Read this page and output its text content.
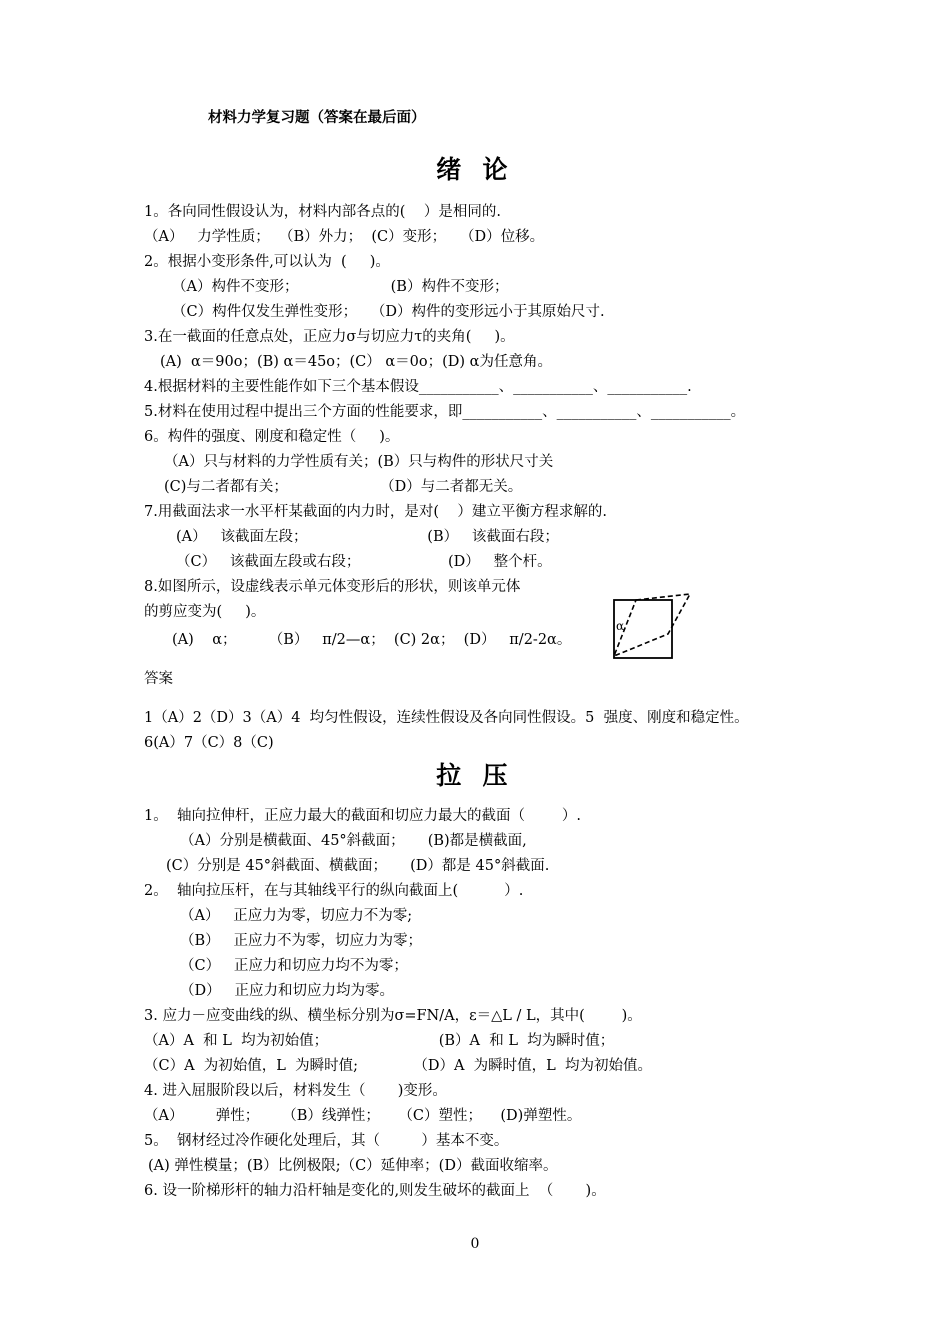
材料力学复习题（答案在最后面）
绪 论
1。各向同性假设认为，材料内部各点的(    ）是相同的.
（A）   力学性质；  （B）外力；  (C）变形；   （D）位移。
2。根据小变形条件,可以认为  (     )。
（A）构件不变形；                    (B）构件不变形；
（C）构件仅发生弹性变形；   （D）构件的变形远小于其原始尺寸.
3.在一截面的任意点处，正应力σ与切应力τ的夹角(     )。
(A)  α＝90o；(B) α＝45o；(C） α＝0o；(D) α为任意角。
4.根据材料的主要性能作如下三个基本假设___________、___________、___________.
5.材料在使用过程中提出三个方面的性能要求，即___________、___________、___________。
6。构件的强度、刚度和稳定性（     )。
（A）只与材料的力学性质有关；(B）只与构件的形状尺寸关
(C)与二者都有关；                    （D）与二者都无关。
7.用截面法求一水平杆某截面的内力时，是对(    ）建立平衡方程求解的.
(A）   该截面左段；                          (B）   该截面右段；
（C）   该截面左段或右段；                   (D）   整个杆。
8.如图所示，设虚线表示单元体变形后的形状，则该单元体
的剪应变为(     )。
(A)    α；       （B）   π/2—α；  (C) 2α；  (D）   π/2-2α。
α
答案
1（A）2（D）3（A）4  均匀性假设，连续性假设及各向同性假设。5  强度、刚度和稳定性。
6(A）7（C）8（C)
拉 压
1。  轴向拉伸杆，正应力最大的截面和切应力最大的截面（        ）.
（A）分别是横截面、45°斜截面；     (B)都是横截面,
(C）分别是 45°斜截面、横截面；     (D）都是 45°斜截面.
2。  轴向拉压杆，在与其轴线平行的纵向截面上(          ）.
（A）   正应力为零，切应力不为零;
（B）   正应力不为零，切应力为零；
（C）   正应力和切应力均不为零；
（D）   正应力和切应力均为零。
3. 应力－应变曲线的纵、横坐标分别为σ=FN/A，ε＝△L / L，其中(        )。
（A）A  和 L  均为初始值；                        (B）A  和 L  均为瞬时值；
（C）A  为初始值，L  为瞬时值;            （D）A  为瞬时值，L  均为初始值。
4. 进入屈服阶段以后，材料发生（       )变形。
（A）       弹性；     （B）线弹性；    （C）塑性；    (D)弹塑性。
5。  钢材经过冷作硬化处理后，其（         ）基本不变。
(A) 弹性模量；(B）比例极限;（C）延伸率；(D）截面收缩率。
6. 设一阶梯形杆的轴力沿杆轴是变化的,则发生破坏的截面上  （       )。
0
